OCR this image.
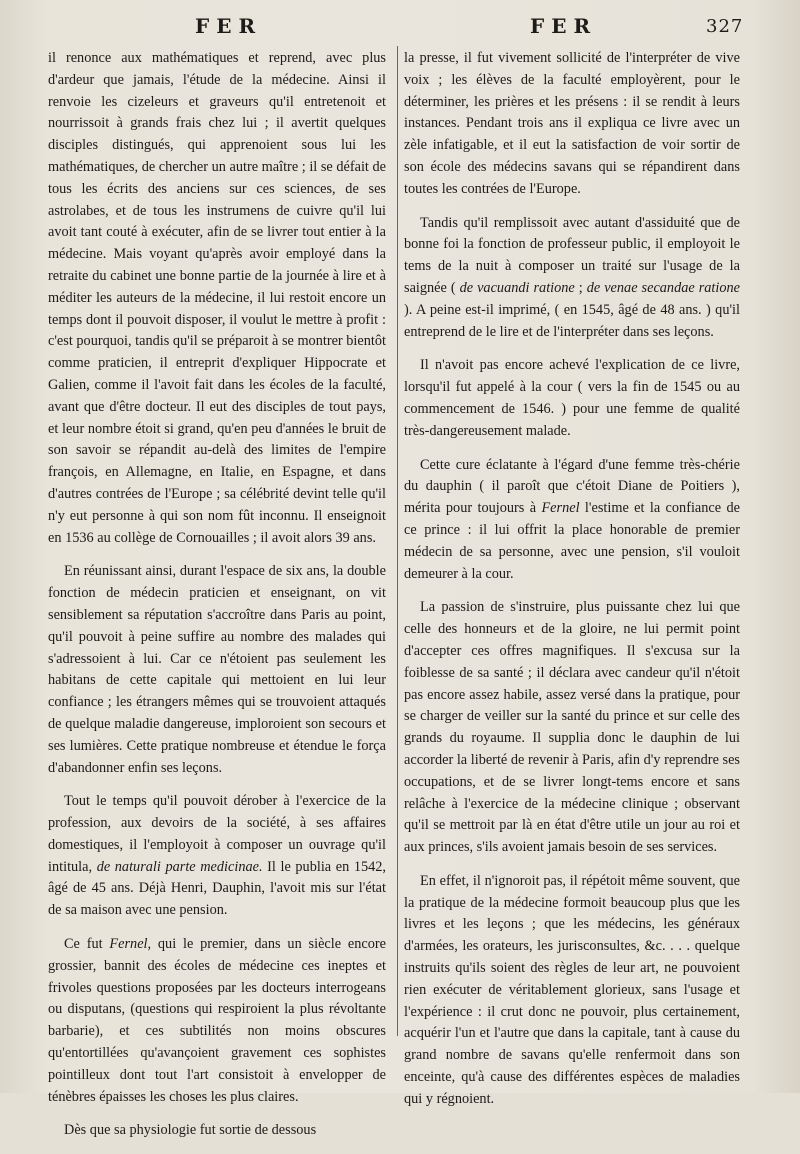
FER	FER	327

il renonce aux mathématiques et reprend, avec plus d'ardeur que jamais, l'étude de la médecine. Ainsi il renvoie les cizeleurs et graveurs qu'il entretenoit et nourrissoit à grands frais chez lui ; il avertit quelques disciples distingués, qui apprenoient sous lui les mathématiques, de chercher un autre maître ; il se défait de tous les écrits des anciens sur ces sciences, de ses astrolabes, et de tous les instrumens de cuivre qu'il lui avoit tant couté à exécuter, afin de se livrer tout entier à la médecine. Mais voyant qu'après avoir employé dans la retraite du cabinet une bonne partie de la journée à lire et à méditer les auteurs de la médecine, il lui restoit encore un temps dont il pouvoit disposer, il voulut le mettre à profit : c'est pourquoi, tandis qu'il se préparoit à se montrer bientôt comme praticien, il entreprit d'expliquer Hippocrate et Galien, comme il l'avoit fait dans les écoles de la faculté, avant que d'être docteur. Il eut des disciples de tout pays, et leur nombre étoit si grand, qu'en peu d'années le bruit de son savoir se répandit au-delà des limites de l'empire françois, en Allemagne, en Italie, en Espagne, et dans d'autres contrées de l'Europe ; sa célébrité devint telle qu'il n'y eut personne à qui son nom fût inconnu. Il enseignoit en 1536 au collège de Cornouailles ; il avoit alors 39 ans.

En réunissant ainsi, durant l'espace de six ans, la double fonction de médecin praticien et enseignant, on vit sensiblement sa réputation s'accroître dans Paris au point, qu'il pouvoit à peine suffire au nombre des malades qui s'adressoient à lui. Car ce n'étoient pas seulement les habitans de cette capitale qui mettoient en lui leur confiance ; les étrangers mêmes qui se trouvoient attaqués de quelque maladie dangereuse, imploroient son secours et ses lumières. Cette pratique nombreuse et étendue le força d'abandonner enfin ses leçons.

Tout le temps qu'il pouvoit dérober à l'exercice de la profession, aux devoirs de la société, à ses affaires domestiques, il l'employoit à composer un ouvrage qu'il intitula, de naturali parte medicinae. Il le publia en 1542, âgé de 45 ans. Déjà Henri, Dauphin, l'avoit mis sur l'état de sa maison avec une pension.

Ce fut Fernel, qui le premier, dans un siècle encore grossier, bannit des écoles de médecine ces ineptes et frivoles questions proposées par les docteurs interrogeans ou disputans, (questions qui respiroient la plus révoltante barbarie), et ces subtilités non moins obscures qu'entortillées qu'avançoient gravement ces sophistes pointilleux dont tout l'art consistoit à envelopper de ténèbres épaisses les choses les plus claires.

Dès que sa physiologie fut sortie de dessous

la presse, il fut vivement sollicité de l'interpréter de vive voix ; les élèves de la faculté employèrent, pour le déterminer, les prières et les présens : il se rendit à leurs instances. Pendant trois ans il expliqua ce livre avec un zèle infatigable, et il eut la satisfaction de voir sortir de son école des médecins savans qui se répandirent dans toutes les contrées de l'Europe.

Tandis qu'il remplissoit avec autant d'assiduité que de bonne foi la fonction de professeur public, il employoit le tems de la nuit à composer un traité sur l'usage de la saignée ( de vacuandi ratione ; de venae secandae ratione ). A peine est-il imprimé, ( en 1545, âgé de 48 ans. ) qu'il entreprend de le lire et de l'interpréter dans ses leçons.

Il n'avoit pas encore achevé l'explication de ce livre, lorsqu'il fut appelé à la cour ( vers la fin de 1545 ou au commencement de 1546. ) pour une femme de qualité très-dangereusement malade.

Cette cure éclatante à l'égard d'une femme très-chérie du dauphin ( il paroît que c'étoit Diane de Poitiers ), mérita pour toujours à Fernel l'estime et la confiance de ce prince : il lui offrit la place honorable de premier médecin de sa personne, avec une pension, s'il vouloit demeurer à la cour.

La passion de s'instruire, plus puissante chez lui que celle des honneurs et de la gloire, ne lui permit point d'accepter ces offres magnifiques. Il s'excusa sur la foiblesse de sa santé ; il déclara avec candeur qu'il n'étoit pas encore assez habile, assez versé dans la pratique, pour se charger de veiller sur la santé du prince et sur celle des grands du royaume. Il supplia donc le dauphin de lui accorder la liberté de revenir à Paris, afin d'y reprendre ses occupations, et de se livrer longt-tems encore et sans relâche à l'exercice de la médecine clinique ; observant qu'il se mettroit par là en état d'être utile un jour au roi et aux princes, s'ils avoient jamais besoin de ses services.

En effet, il n'ignoroit pas, il répétoit même souvent, que la pratique de la médecine formoit beaucoup plus que les livres et les leçons ; que les médecins, les généraux d'armées, les orateurs, les jurisconsultes, &c. . . . quelque instruits qu'ils soient des règles de leur art, ne pouvoient rien exécuter de véritablement glorieux, sans l'usage et l'expérience : il crut donc ne pouvoir, plus certainement, acquérir l'un et l'autre que dans la capitale, tant à cause du grand nombre de savans qu'elle renfermoit dans son enceinte, qu'à cause des différentes espèces de maladies qui y régnoient.
